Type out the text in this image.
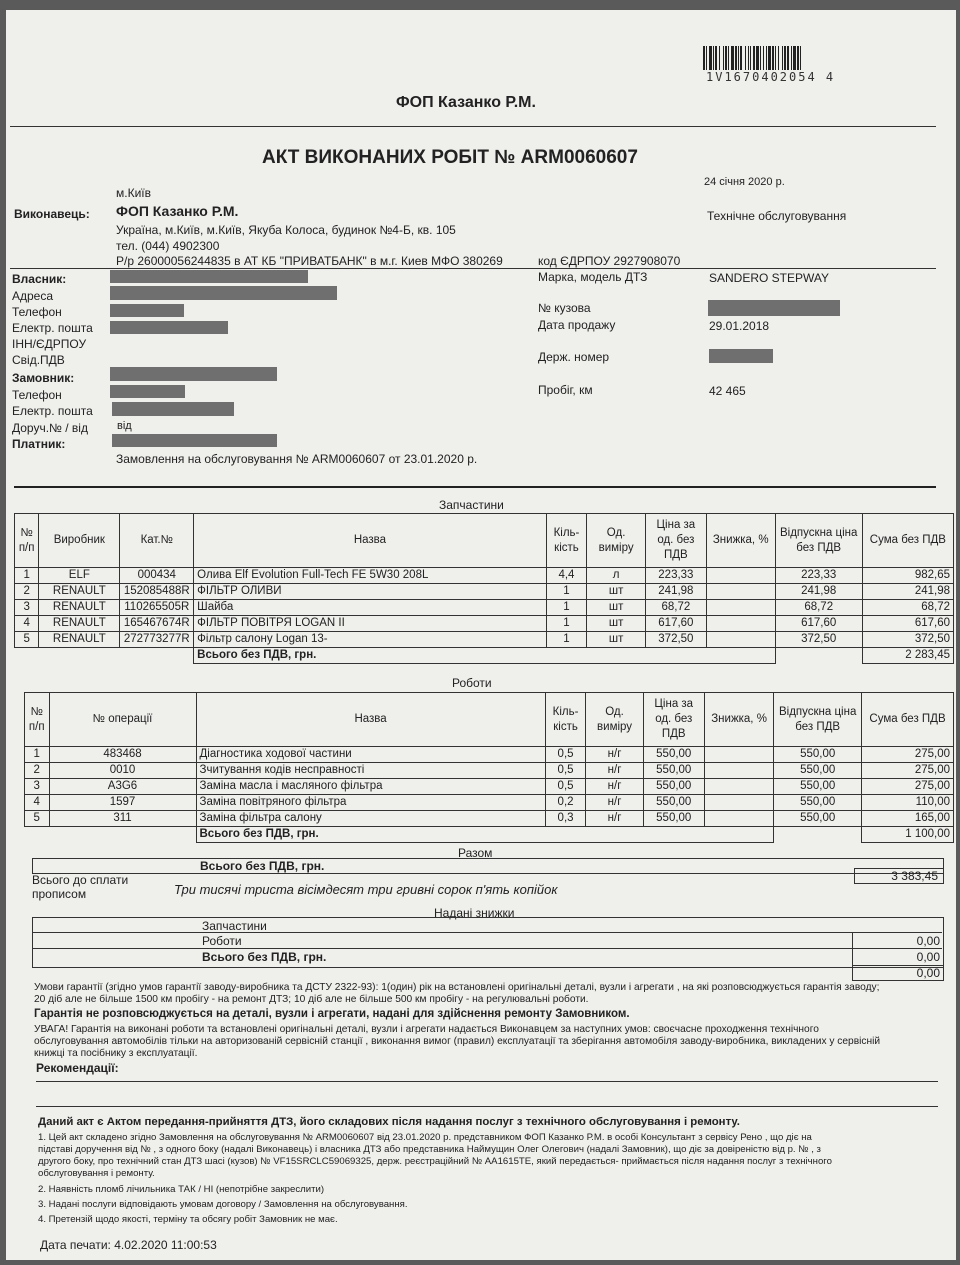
1V1670402054 4
ФОП Казанко Р.М.
АКТ ВИКОНАНИХ РОБІТ № ARM0060607
24 січня 2020 р.
м.Київ
Технічне обслуговування
Виконавець: ФОП Казанко Р.М.
Україна, м.Київ, м.Київ, Якуба Колоса, будинок №4-Б, кв. 105
тел. (044) 4902300
Р/р 26000056244835 в АТ КБ "ПРИВАТБАНК" в м.г. Киев МФО 380269	код ЄДРПОУ 2927908070
Власник:
Адреса
Телефон
Електр. пошта
ІНН/ЄДРПОУ
Свід.ПДВ
Замовник:
Телефон
Електр. пошта
Доруч.№ / від
Платник:
від
Марка, модель ДТЗ	SANDERO STEPWAY
№ кузова
Дата продажу	29.01.2018
Держ. номер
Пробіг, км	42 465
Замовлення на обслуговування № ARM0060607 от 23.01.2020 р.
Запчастини
№ п/п	Виробник	Кат.№	Назва	Кіль-кість	Од. виміру	Ціна за од. без ПДВ	Знижка, %	Відпускна ціна без ПДВ	Сума без ПДВ
1	ELF	000434	Олива Elf Evolution Full-Tech FE 5W30 208L	4,4	л	223,33		223,33	982,65
2	RENAULT	152085488R	ФІЛЬТР ОЛИВИ	1	шт	241,98		241,98	241,98
3	RENAULT	110265505R	Шайба	1	шт	68,72		68,72	68,72
4	RENAULT	165467674R	ФІЛЬТР ПОВІТРЯ LOGAN II	1	шт	617,60		617,60	617,60
5	RENAULT	272773277R	Фільтр салону Logan 13-	1	шт	372,50		372,50	372,50
			Всього без ПДВ, грн.						2 283,45
Роботи
№ п/п	№ операції	Назва	Кіль-кість	Од. виміру	Ціна за од. без ПДВ	Знижка, %	Відпускна ціна без ПДВ	Сума без ПДВ
1	483468	Діагностика ходової частини	0,5	н/г	550,00		550,00	275,00
2	0010	Зчитування кодів несправності	0,5	н/г	550,00		550,00	275,00
3	A3G6	Заміна масла і масляного фільтра	0,5	н/г	550,00		550,00	275,00
4	1597	Заміна повітряного фільтра	0,2	н/г	550,00		550,00	110,00
5	311	Заміна фільтра салону	0,3	н/г	550,00		550,00	165,00
		Всього без ПДВ, грн.						1 100,00
Разом
Всього без ПДВ, грн.
3 383,45
Всього до сплати
прописом	Три тисячі триста вісімдесят три гривні сорок п'ять копійок
Надані знижки
Запчастини
Роботи	0,00
Всього без ПДВ, грн.	0,00
0,00
Умови гарантії (згідно умов гарантії заводу-виробника та ДСТУ 2322-93): 1(один) рік на встановлені оригінальні деталі, вузли і агрегати , на які розповсюджується гарантія заводу;
20 діб але не більше 1500 км пробігу - на ремонт ДТЗ; 10 діб але не більше 500 км пробігу - на регулювальні роботи.
Гарантія не розповсюджується на деталі, вузли і агрегати, надані для здійснення ремонту Замовником.
УВАГА! Гарантія на виконані роботи та встановлені оригінальні деталі, вузли і агрегати надається Виконавцем за наступних умов: своєчасне проходження технічного
обслуговування автомобілів тільки на авторизованій сервісній станції , виконання вимог (правил) експлуатації та зберігання автомобіля заводу-виробника, викладених у сервісній
книжці та посібнику з експлуатації.
Рекомендації:
Даний акт є Актом передання-прийняття ДТЗ, його складових після надання послуг з технічного обслуговування і ремонту.
1. Цей акт складено згідно Замовлення на обслуговування № ARM0060607 від 23.01.2020 р. представником ФОП Казанко Р.М. в особі Консультант з сервісу Рено , що діє на
підставі доручення від № , з одного боку (надалі Виконавець) і власника ДТЗ або представника Наймущин Олег Олегович (надалі Замовник), що діє за довіреністю від р. № , з
другого боку, про технічний стан ДТЗ шасі (кузов) № VF15SRCLC59069325, держ. реєстраційний № AA1615TE, який передається- приймається після надання послуг з технічного
обслуговування і ремонту.
2. Наявність пломб лічильника ТАК / НІ (непотрібне закреслити)
3. Надані послуги відповідають умовам договору / Замовлення на обслуговування.
4. Претензій щодо якості, терміну та обсягу робіт Замовник не має.
Дата печати: 4.02.2020 11:00:53
